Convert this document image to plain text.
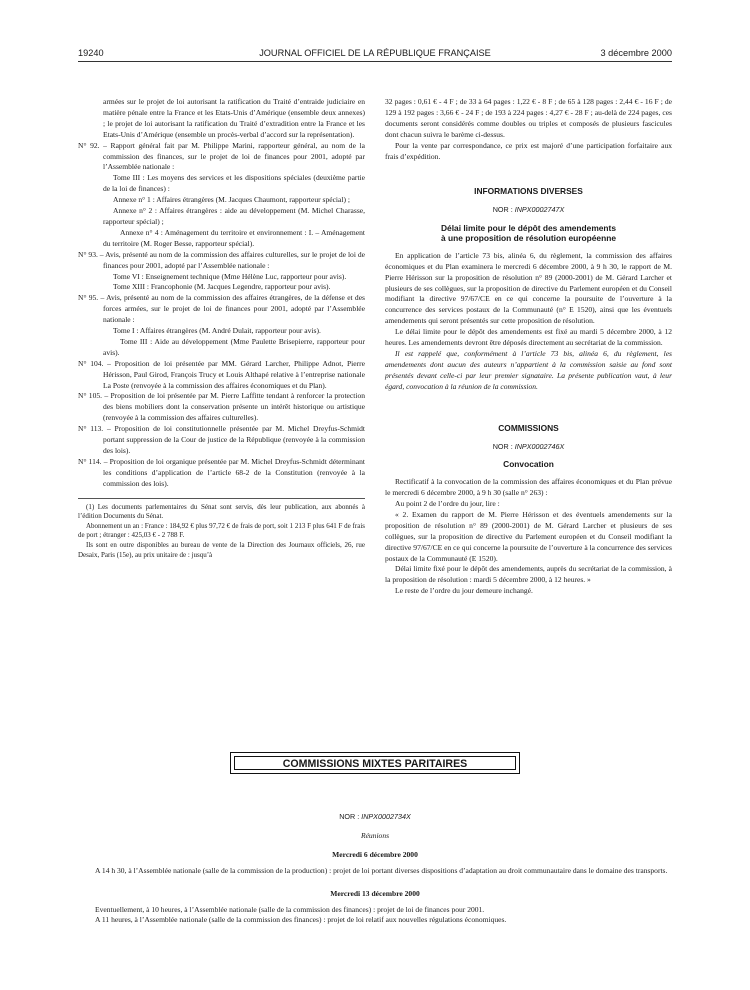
19240	JOURNAL OFFICIEL DE LA RÉPUBLIQUE FRANÇAISE	3 décembre 2000

armées sur le projet de loi autorisant la ratification du Traité d’entraide judiciaire en matière pénale entre la France et les Etats-Unis d’Amérique (ensemble deux annexes) ; le projet de loi autorisant la ratification du Traité d’extradition entre la France et les Etats-Unis d’Amérique (ensemble un procès-verbal d’accord sur la représentation).

N° 92. – Rapport général fait par M. Philippe Marini, rapporteur général, au nom de la commission des finances, sur le projet de loi de finances pour 2001, adopté par l’Assemblée nationale :

Tome III : Les moyens des services et les dispositions spéciales (deuxième partie de la loi de finances) :

Annexe n° 1 : Affaires étrangères (M. Jacques Chaumont, rapporteur spécial) ;

Annexe n° 2 : Affaires étrangères : aide au développement (M. Michel Charasse, rapporteur spécial) ;

Annexe n° 4 : Aménagement du territoire et environnement : I. – Aménagement du territoire (M. Roger Besse, rapporteur spécial).

N° 93. – Avis, présenté au nom de la commission des affaires culturelles, sur le projet de loi de finances pour 2001, adopté par l’Assemblée nationale :

Tome VI : Enseignement technique (Mme Hélène Luc, rapporteur pour avis).

Tome XIII : Francophonie (M. Jacques Legendre, rapporteur pour avis).

N° 95. – Avis, présenté au nom de la commission des affaires étrangères, de la défense et des forces armées, sur le projet de loi de finances pour 2001, adopté par l’Assemblée nationale :

Tome I : Affaires étrangères (M. André Dulait, rapporteur pour avis).

Tome III : Aide au développement (Mme Paulette Brisepierre, rapporteur pour avis).

N° 104. – Proposition de loi présentée par MM. Gérard Larcher, Philippe Adnot, Pierre Hérisson, Paul Girod, François Trucy et Louis Althapé relative à l’entreprise nationale La Poste (renvoyée à la commission des affaires économiques et du Plan).

N° 105. – Proposition de loi présentée par M. Pierre Laffitte tendant à renforcer la protection des biens mobiliers dont la conservation présente un intérêt historique ou artistique (renvoyée à la commission des affaires culturelles).

N° 113. – Proposition de loi constitutionnelle présentée par M. Michel Dreyfus-Schmidt portant suppression de la Cour de justice de la République (renvoyée à la commission des lois).

N° 114. – Proposition de loi organique présentée par M. Michel Dreyfus-Schmidt déterminant les conditions d’application de l’article 68-2 de la Constitution (renvoyée à la commission des lois).

(1) Les documents parlementaires du Sénat sont servis, dès leur publication, aux abonnés à l’édition Documents du Sénat.

Abonnement un an : France : 184,92 € plus 97,72 € de frais de port, soit 1 213 F plus 641 F de frais de port ; étranger : 425,03 € - 2 788 F.

Ils sont en outre disponibles au bureau de vente de la Direction des Journaux officiels, 26, rue Desaix, Paris (15e), au prix unitaire de : jusqu’à

32 pages : 0,61 € - 4 F ; de 33 à 64 pages : 1,22 € - 8 F ; de 65 à 128 pages : 2,44 € - 16 F ; de 129 à 192 pages : 3,66 € - 24 F ; de 193 à 224 pages : 4,27 € - 28 F ; au-delà de 224 pages, ces documents seront considérés comme doubles ou triples et composés de plusieurs fascicules dont chacun suivra le barème ci-dessus.

Pour la vente par correspondance, ce prix est majoré d’une participation forfaitaire aux frais d’expédition.

INFORMATIONS DIVERSES

NOR : INPX0002747X

Délai limite pour le dépôt des amendements
à une proposition de résolution européenne

En application de l’article 73 bis, alinéa 6, du règlement, la commission des affaires économiques et du Plan examinera le mercredi 6 décembre 2000, à 9 h 30, le rapport de M. Pierre Hérisson sur la proposition de résolution n° 89 (2000-2001) de M. Gérard Larcher et plusieurs de ses collègues, sur la proposition de directive du Parlement européen et du Conseil modifiant la directive 97/67/CE en ce qui concerne la poursuite de l’ouverture à la concurrence des services postaux de la Communauté (n° E 1520), ainsi que les éventuels amendements qui seront présentés sur cette proposition de résolution.

Le délai limite pour le dépôt des amendements est fixé au mardi 5 décembre 2000, à 12 heures. Les amendements devront être déposés directement au secrétariat de la commission.

Il est rappelé que, conformément à l’article 73 bis, alinéa 6, du règlement, les amendements dont aucun des auteurs n’appartient à la commission saisie au fond sont présentés devant celle-ci par leur premier signataire. La présente publication vaut, à leur égard, convocation à la réunion de la commission.

COMMISSIONS

NOR : INPX0002746X

Convocation

Rectificatif à la convocation de la commission des affaires économiques et du Plan prévue le mercredi 6 décembre 2000, à 9 h 30 (salle n° 263) :

Au point 2 de l’ordre du jour, lire :

« 2. Examen du rapport de M. Pierre Hérisson et des éventuels amendements sur la proposition de résolution n° 89 (2000-2001) de M. Gérard Larcher et plusieurs de ses collègues, sur la proposition de directive du Parlement européen et du Conseil modifiant la directive 97/67/CE en ce qui concerne la poursuite de l’ouverture à la concurrence des services postaux de la Communauté (E 1520).

Délai limite fixé pour le dépôt des amendements, auprès du secrétariat de la commission, à la proposition de résolution : mardi 5 décembre 2000, à 12 heures. »

Le reste de l’ordre du jour demeure inchangé.

COMMISSIONS MIXTES PARITAIRES

NOR : INPX0002734X

Réunions

Mercredi 6 décembre 2000

A 14 h 30, à l’Assemblée nationale (salle de la commission de la production) : projet de loi portant diverses dispositions d’adaptation au droit communautaire dans le domaine des transports.

Mercredi 13 décembre 2000

Eventuellement, à 10 heures, à l’Assemblée nationale (salle de la commission des finances) : projet de loi de finances pour 2001.

A 11 heures, à l’Assemblée nationale (salle de la commission des finances) : projet de loi relatif aux nouvelles régulations économiques.
